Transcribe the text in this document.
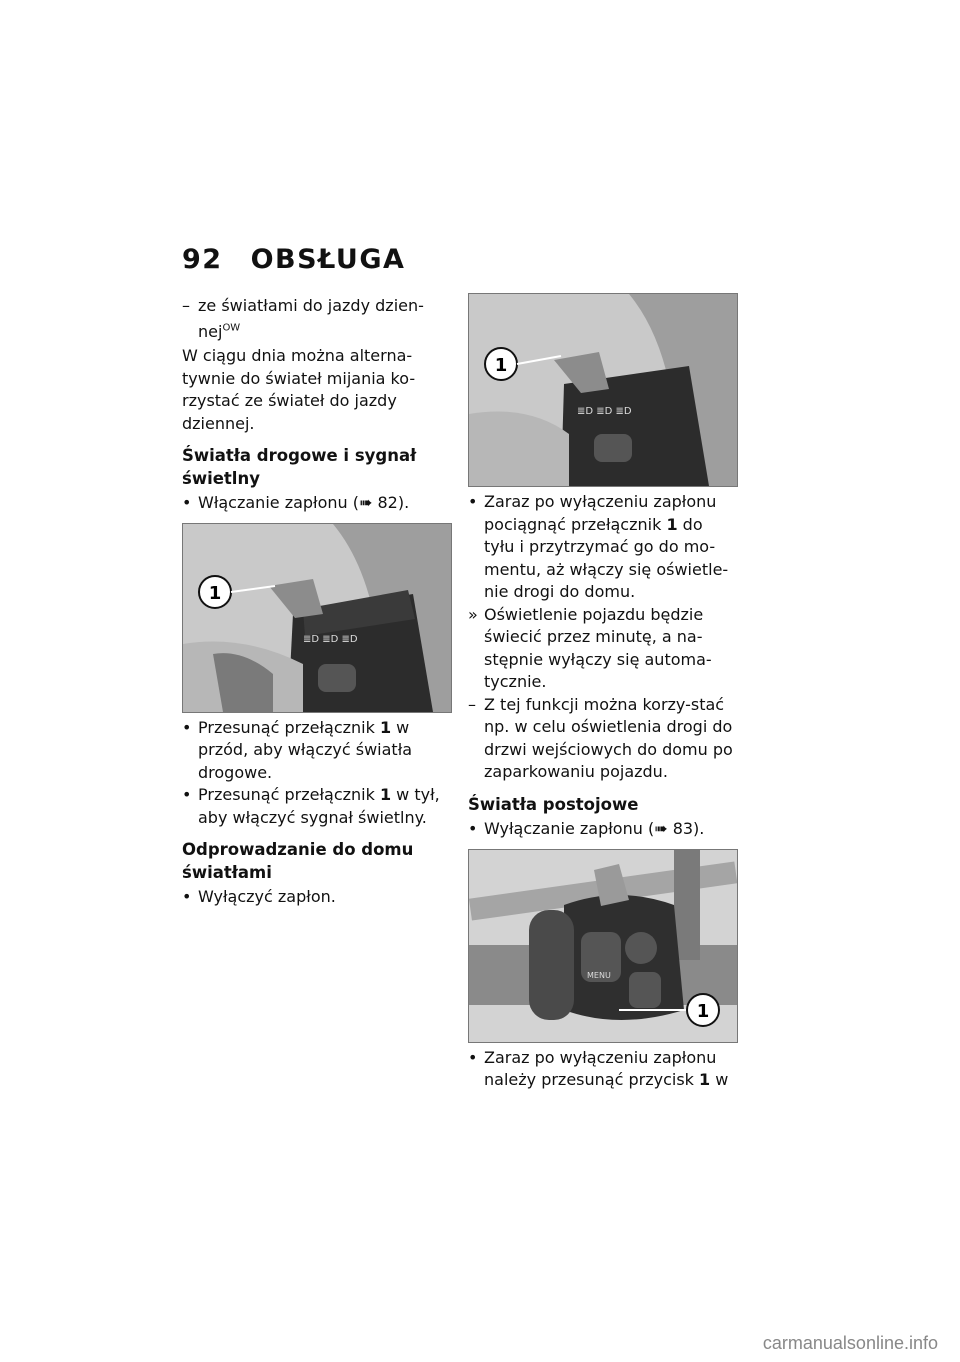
92 OBSŁUGA

– ze światłami do jazdy dzien-
nej$^{OW}$

W ciągu dnia można alterna-tywnie do świateł mijania ko-rzystać ze świateł do jazdy dziennej.

Światła drogowe i sygnał świetlny

• Włączanie zapłonu (➠ 82).

≣D ≣D ≣D
1

• Przesunąć przełącznik 1 w przód, aby włączyć światła drogowe.

• Przesunąć przełącznik 1 w tył, aby włączyć sygnał świetlny.

Odprowadzanie do domu światłami

• Wyłączyć zapłon.

≣D ≣D ≣D
1

• Zaraz po wyłączeniu zapłonu pociągnąć przełącznik 1 do tyłu i przytrzymać go do mo-mentu, aż włączy się oświetle-nie drogi do domu.

» Oświetlenie pojazdu będzie świecić przez minutę, a na-stępnie wyłączy się automa-tycznie.

– Z tej funkcji można korzy-stać np. w celu oświetlenia drogi do drzwi wejściowych do domu po zaparkowaniu pojazdu.

Światła postojowe

• Wyłączanie zapłonu (➠ 83).

MENU
1

• Zaraz po wyłączeniu zapłonu należy przesunąć przycisk 1 w

carmanualsonline.info
